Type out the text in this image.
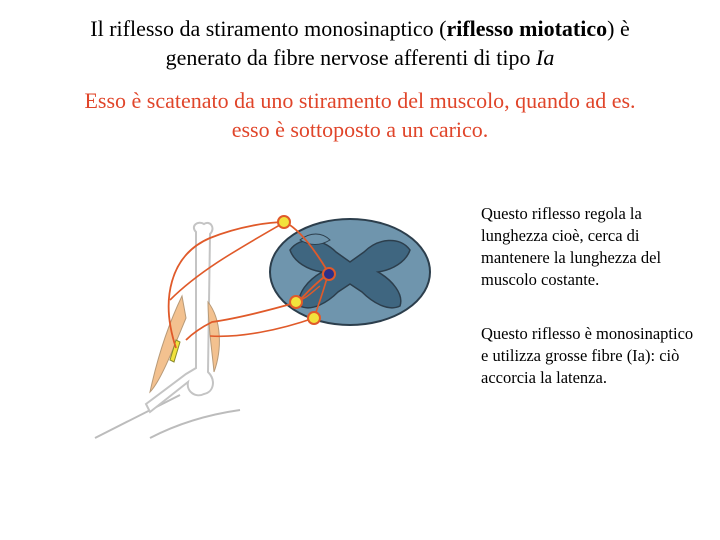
Il riflesso da stiramento monosinaptico (riflesso miotatico) è
generato da fibre nervose afferenti di tipo Ia
Esso è scatenato da uno stiramento del muscolo, quando ad es.
esso è sottoposto a un carico.
Questo riflesso regola la lunghezza cioè, cerca di mantenere la lunghezza del muscolo costante.
Questo riflesso è monosinaptico e utilizza grosse fibre (Ia): ciò accorcia la latenza.
